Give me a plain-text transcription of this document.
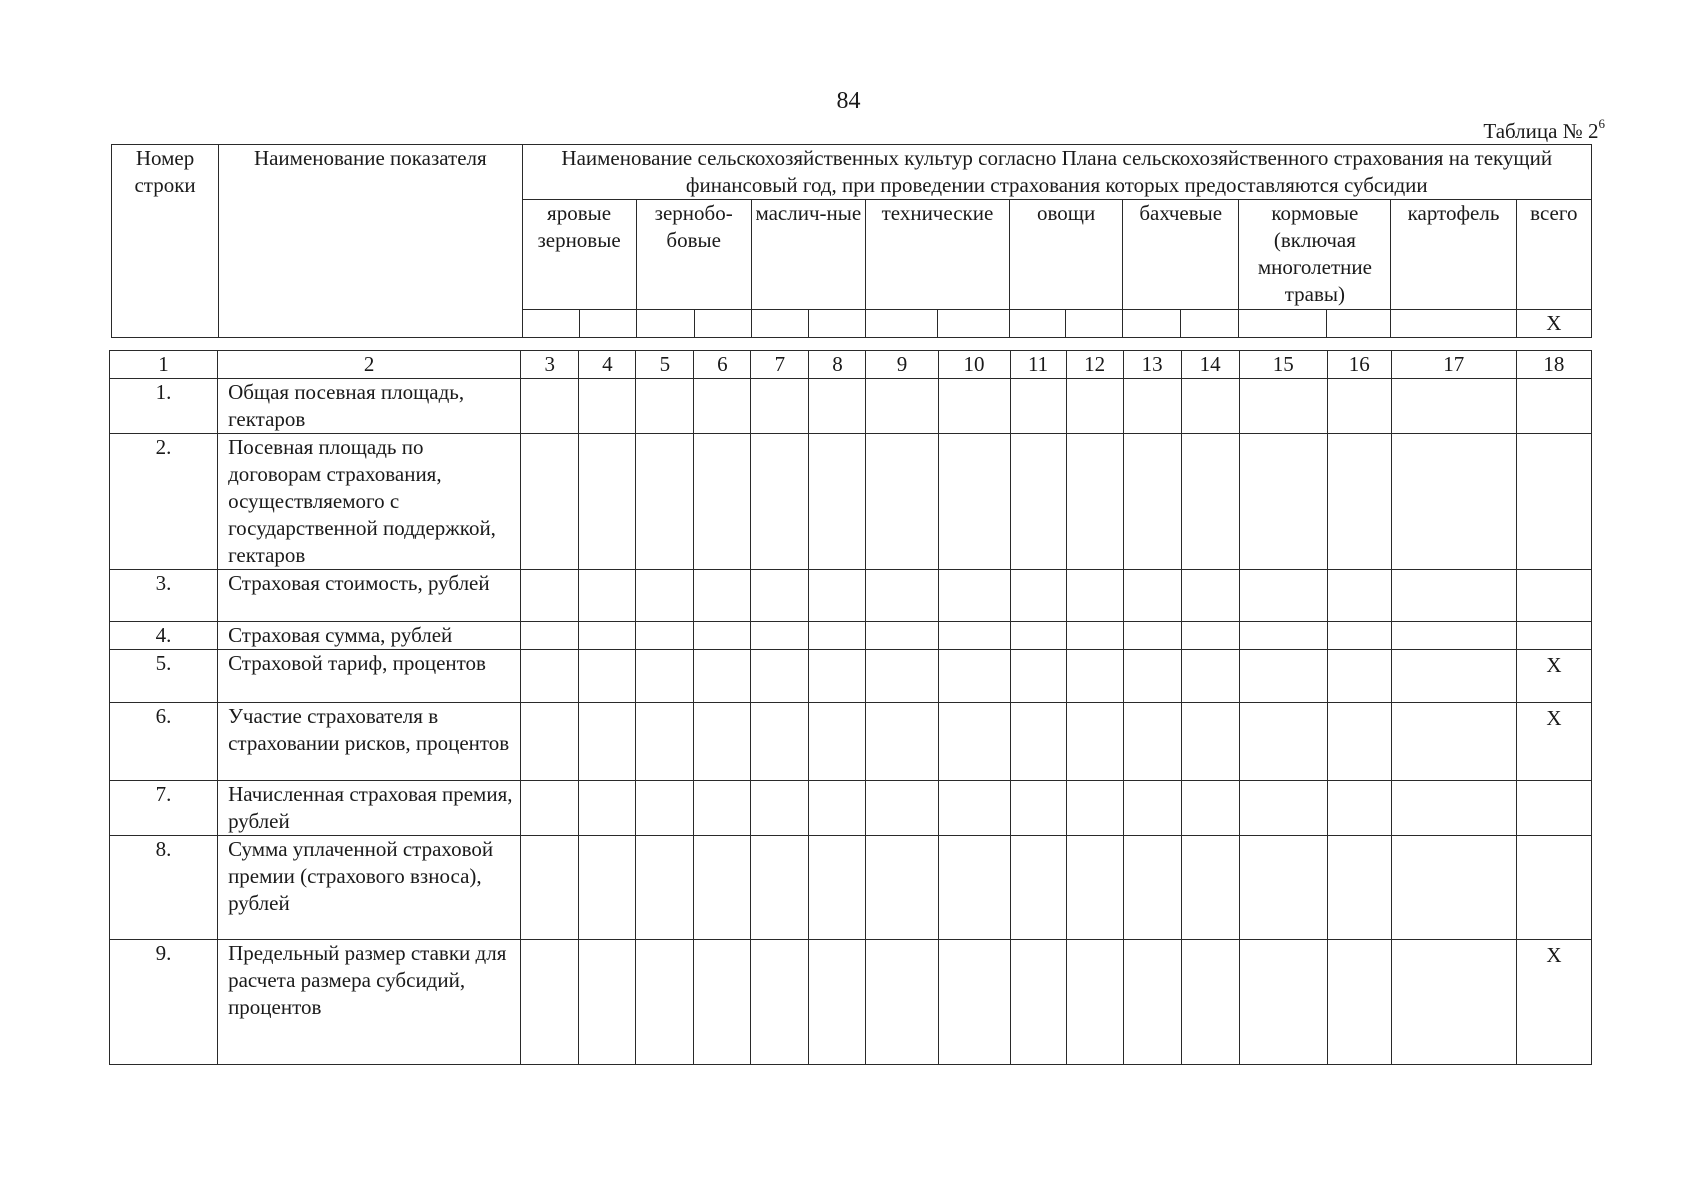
84
Таблица № $2^6$
Номер строки	Наименование показателя	Наименование сельскохозяйственных культур согласно Плана сельскохозяйственного страхования на текущий финансовый год, при проведении страхования которых предоставляются субсидии															
		яровые зерновые		зернобо-бовые		маслич-ные		технические		овощи		бахчевые		кормовые (включая многолетние травы)		картофель	всего
																	X
1	2	3	4	5	6	7	8	9	10	11	12	13	14	15	16	17	18
1.	Общая посевная площадь, гектаров																
2.	Посевная площадь по договорам страхования, осуществляемого с государственной поддержкой, гектаров																
3.	Страховая стоимость, рублей																
4.	Страховая сумма, рублей																
5.	Страховой тариф, процентов																X
6.	Участие страхователя в страховании рисков, процентов																X
7.	Начисленная страховая премия, рублей																
8.	Сумма уплаченной страховой премии (страхового взноса), рублей																
9.	Предельный размер ставки для расчета размера субсидий, процентов																X
